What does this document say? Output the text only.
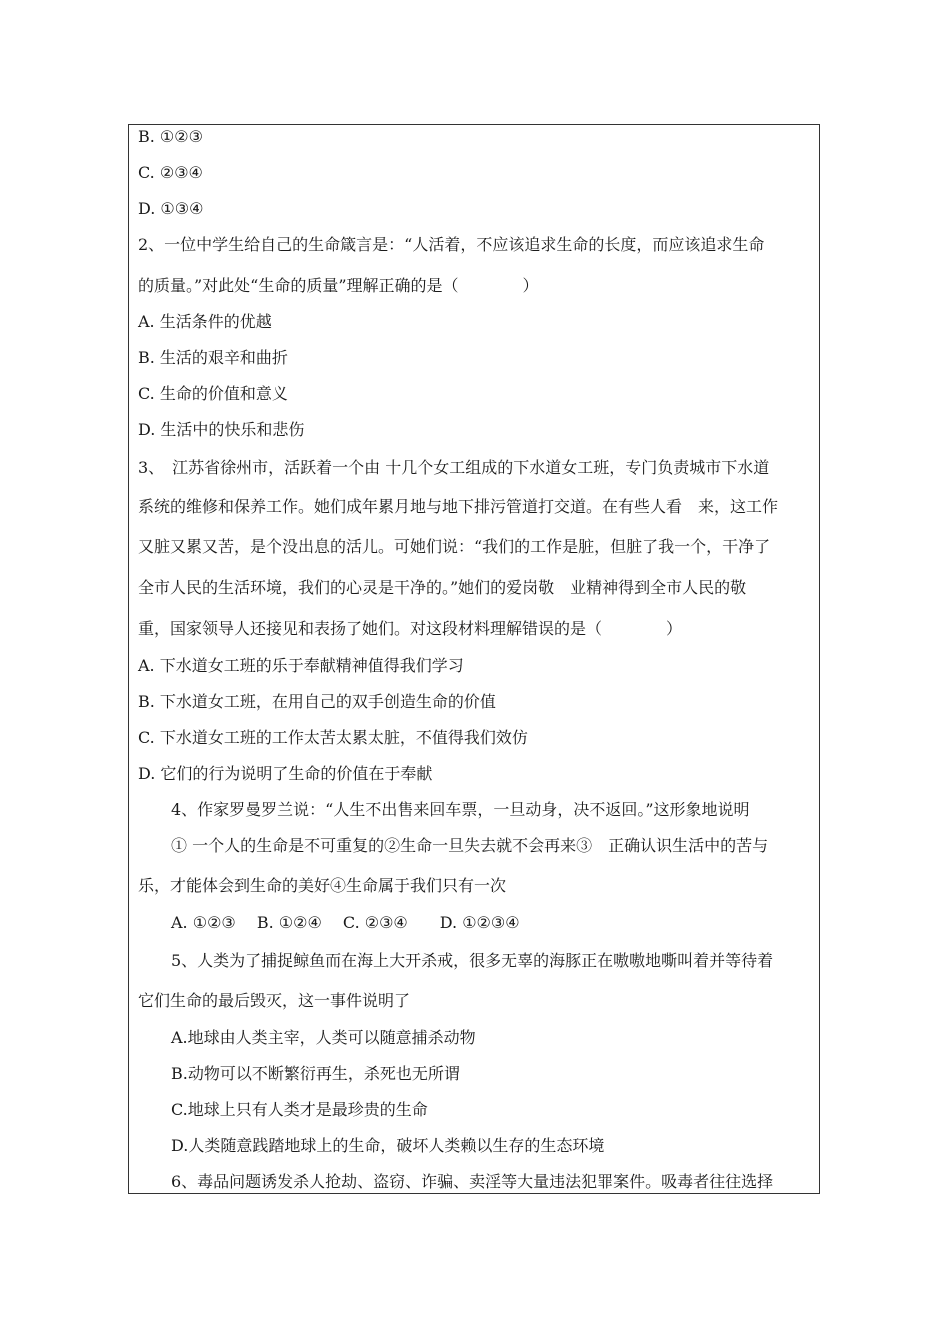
B. ①②③
C. ②③④
D. ①③④
2、一位中学生给自己的生命箴言是：“人活着，不应该追求生命的长度，而应该追求生命
的质量。”对此处“生命的质量”理解正确的是（　　　　）
A. 生活条件的优越
B. 生活的艰辛和曲折
C. 生命的价值和意义
D. 生活中的快乐和悲伤
3、　江苏省徐州市，活跃着一个由 十几个女工组成的下水道女工班，专门负责城市下水道
系统的维修和保养工作。她们成年累月地与地下排污管道打交道。在有些人看　来，这工作
又脏又累又苦，是个没出息的活儿。可她们说：“我们的工作是脏，但脏了我一个，干净了
全市人民的生活环境，我们的心灵是干净的。”她们的爱岗敬　业精神得到全市人民的敬
重，国家领导人还接见和表扬了她们。对这段材料理解错误的是（　　　　）
A. 下水道女工班的乐于奉献精神值得我们学习
B. 下水道女工班，在用自己的双手创造生命的价值
C. 下水道女工班的工作太苦太累太脏，不值得我们效仿
D. 它们的行为说明了生命的价值在于奉献
4、作家罗曼罗兰说：“人生不出售来回车票，一旦动身，决不返回。”这形象地说明
① 一个人的生命是不可重复的②生命一旦失去就不会再来③　正确认识生活中的苦与
乐，才能体会到生命的美好④生命属于我们只有一次
A. ①②③　 B. ①②④　 C. ②③④　　D. ①②③④
5、人类为了捕捉鲸鱼而在海上大开杀戒，很多无辜的海豚正在嗷嗷地嘶叫着并等待着
它们生命的最后毁灭，这一事件说明了
A.地球由人类主宰，人类可以随意捕杀动物
B.动物可以不断繁衍再生，杀死也无所谓
C.地球上只有人类才是最珍贵的生命
D.人类随意践踏地球上的生命，破坏人类赖以生存的生态环境
6、毒品问题诱发杀人抢劫、盗窃、诈骗、卖淫等大量违法犯罪案件。吸毒者往往选择
